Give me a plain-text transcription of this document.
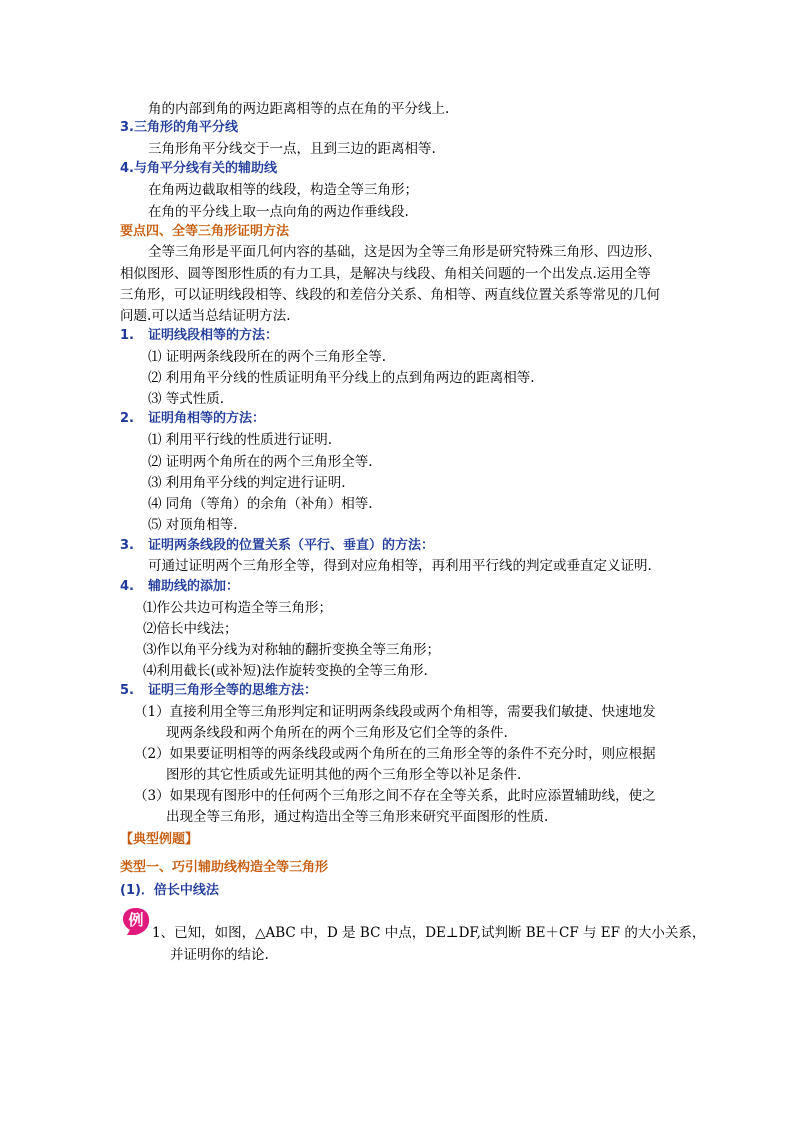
角的内部到角的两边距离相等的点在角的平分线上.
3.三角形的角平分线
三角形角平分线交于一点，且到三边的距离相等.
4.与角平分线有关的辅助线
在角两边截取相等的线段，构造全等三角形；
在角的平分线上取一点向角的两边作垂线段.
要点四、全等三角形证明方法
全等三角形是平面几何内容的基础，这是因为全等三角形是研究特殊三角形、四边形、
相似图形、圆等图形性质的有力工具，是解决与线段、角相关问题的一个出发点.运用全等
三角形，可以证明线段相等、线段的和差倍分关系、角相等、两直线位置关系等常见的几何
问题.可以适当总结证明方法.
1. 证明线段相等的方法：
⑴ 证明两条线段所在的两个三角形全等.
⑵ 利用角平分线的性质证明角平分线上的点到角两边的距离相等.
⑶ 等式性质.
2. 证明角相等的方法：
⑴ 利用平行线的性质进行证明.
⑵ 证明两个角所在的两个三角形全等.
⑶ 利用角平分线的判定进行证明.
⑷ 同角（等角）的余角（补角）相等.
⑸ 对顶角相等.
3. 证明两条线段的位置关系（平行、垂直）的方法：
可通过证明两个三角形全等，得到对应角相等，再利用平行线的判定或垂直定义证明.
4. 辅助线的添加：
⑴作公共边可构造全等三角形；
⑵倍长中线法；
⑶作以角平分线为对称轴的翻折变换全等三角形；
⑷利用截长(或补短)法作旋转变换的全等三角形.
5. 证明三角形全等的思维方法：
（1）直接利用全等三角形判定和证明两条线段或两个角相等，需要我们敏捷、快速地发
现两条线段和两个角所在的两个三角形及它们全等的条件.
（2）如果要证明相等的两条线段或两个角所在的三角形全等的条件不充分时，则应根据
图形的其它性质或先证明其他的两个三角形全等以补足条件.
（3）如果现有图形中的任何两个三角形之间不存在全等关系，此时应添置辅助线，使之
出现全等三角形，通过构造出全等三角形来研究平面图形的性质.
【典型例题】
类型一、巧引辅助线构造全等三角形
(1)．倍长中线法
例
1、已知，如图，△ABC 中，D 是 BC 中点，DE⊥DF,试判断 BE＋CF 与 EF 的大小关系，
并证明你的结论.
